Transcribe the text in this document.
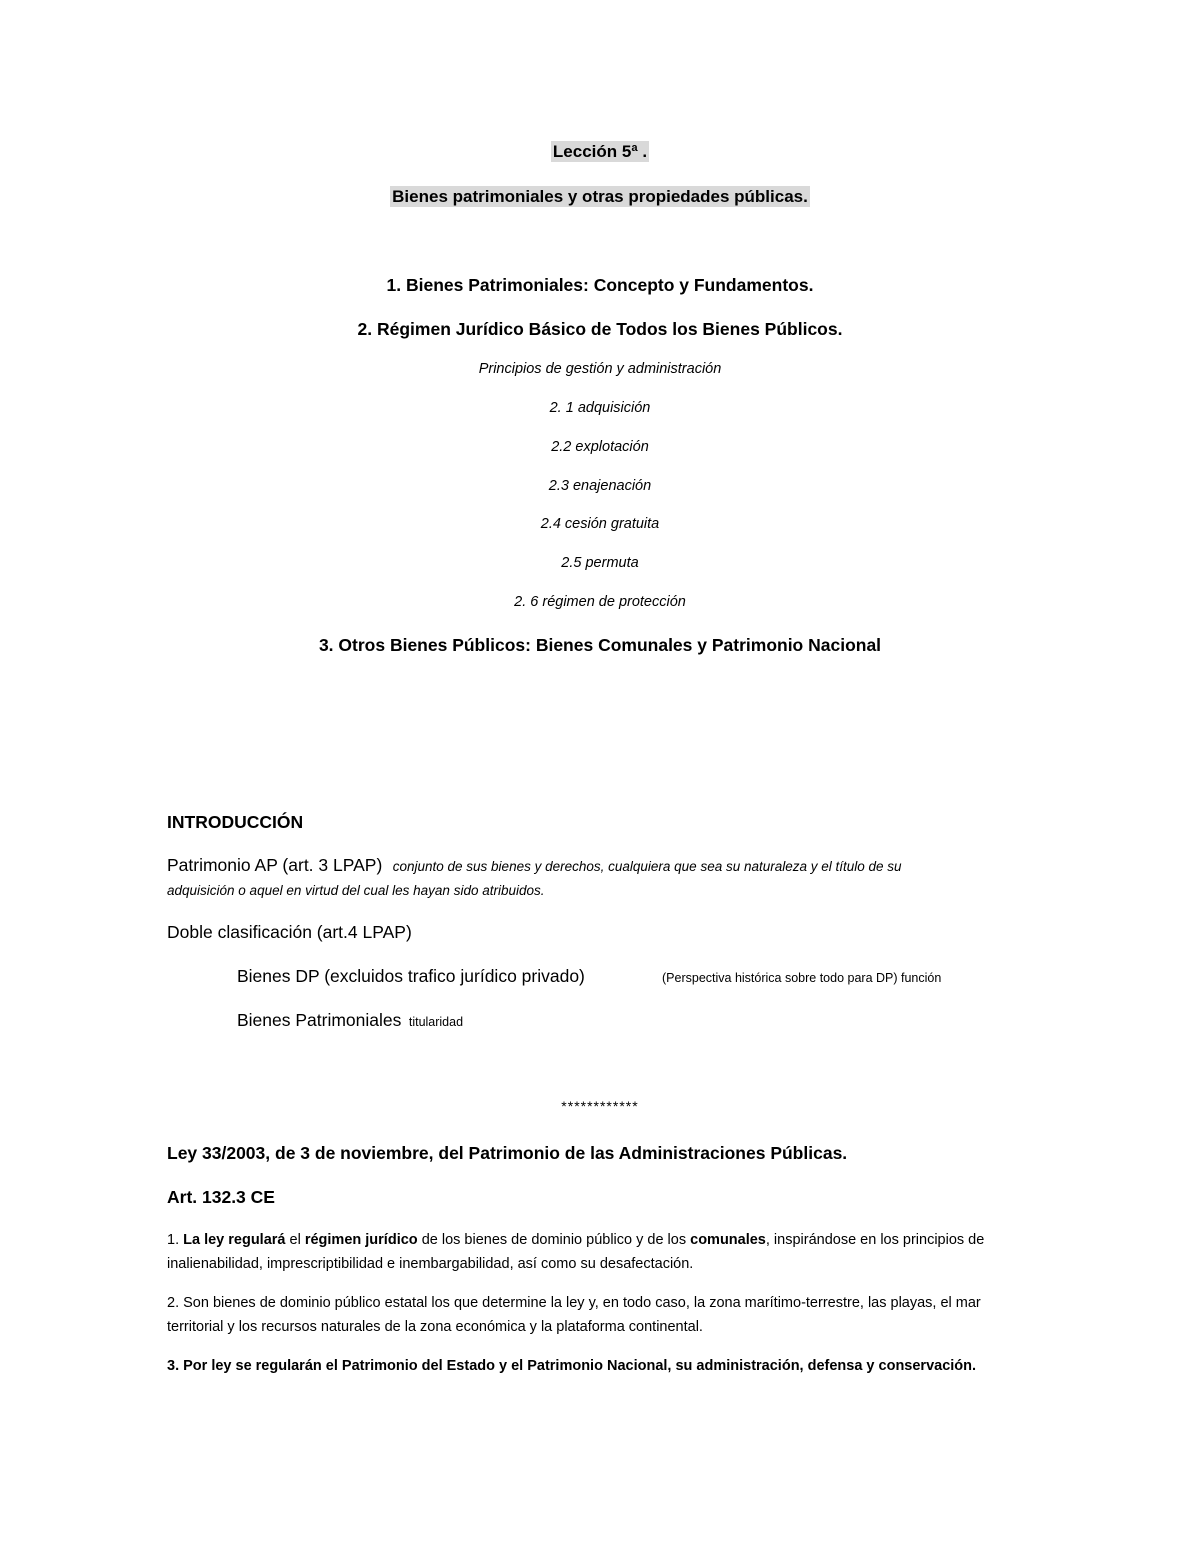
Lección 5ª .
Bienes patrimoniales y otras propiedades públicas.
1. Bienes Patrimoniales: Concepto y Fundamentos.
2. Régimen Jurídico Básico de Todos los Bienes Públicos.
Principios de gestión y administración
2. 1 adquisición
2.2 explotación
2.3 enajenación
2.4 cesión gratuita
2.5 permuta
2. 6 régimen de protección
3. Otros Bienes Públicos: Bienes Comunales y Patrimonio Nacional
INTRODUCCIÓN
Patrimonio AP (art. 3 LPAP) conjunto de sus bienes y derechos, cualquiera que sea su naturaleza y el título de su
adquisición o aquel en virtud del cual les hayan sido atribuidos.
Doble clasificación (art.4 LPAP)
Bienes DP (excluidos trafico jurídico privado)	(Perspectiva histórica sobre todo para DP) función
Bienes Patrimoniales titularidad
************
Ley 33/2003, de 3 de noviembre, del Patrimonio de las Administraciones Públicas.
Art. 132.3 CE
1. La ley regulará el régimen jurídico de los bienes de dominio público y de los comunales, inspirándose en los principios de inalienabilidad, imprescriptibilidad e inembargabilidad, así como su desafectación.
2. Son bienes de dominio público estatal los que determine la ley y, en todo caso, la zona marítimo-terrestre, las playas, el mar territorial y los recursos naturales de la zona económica y la plataforma continental.
3. Por ley se regularán el Patrimonio del Estado y el Patrimonio Nacional, su administración, defensa y conservación.
